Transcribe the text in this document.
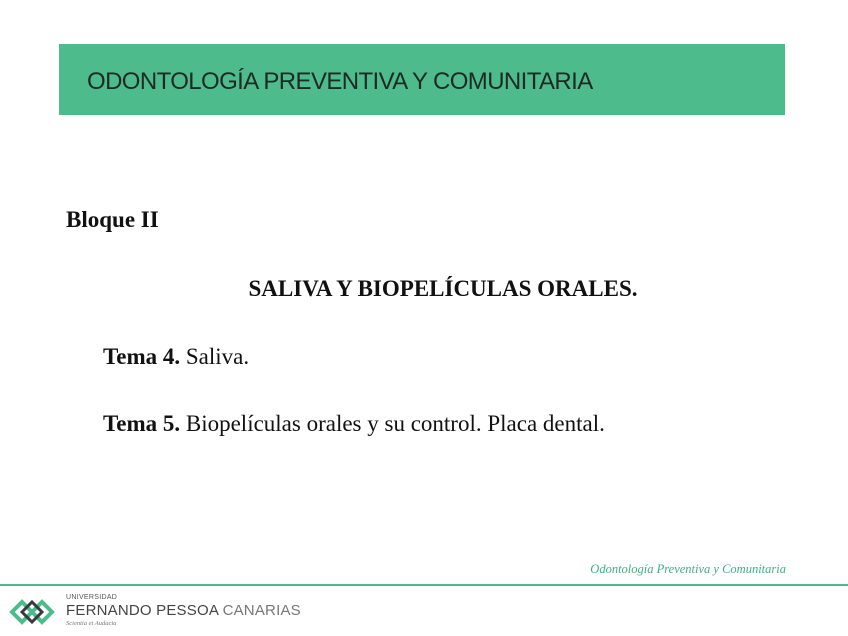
ODONTOLOGÍA PREVENTIVA Y COMUNITARIA
Bloque II
SALIVA Y BIOPELÍCULAS ORALES.
Tema 4. Saliva.
Tema 5. Biopelículas orales y su control. Placa dental.
Odontología Preventiva y Comunitaria
UNIVERSIDAD
FERNANDO PESSOA CANARIAS
Scientia et Audacia
